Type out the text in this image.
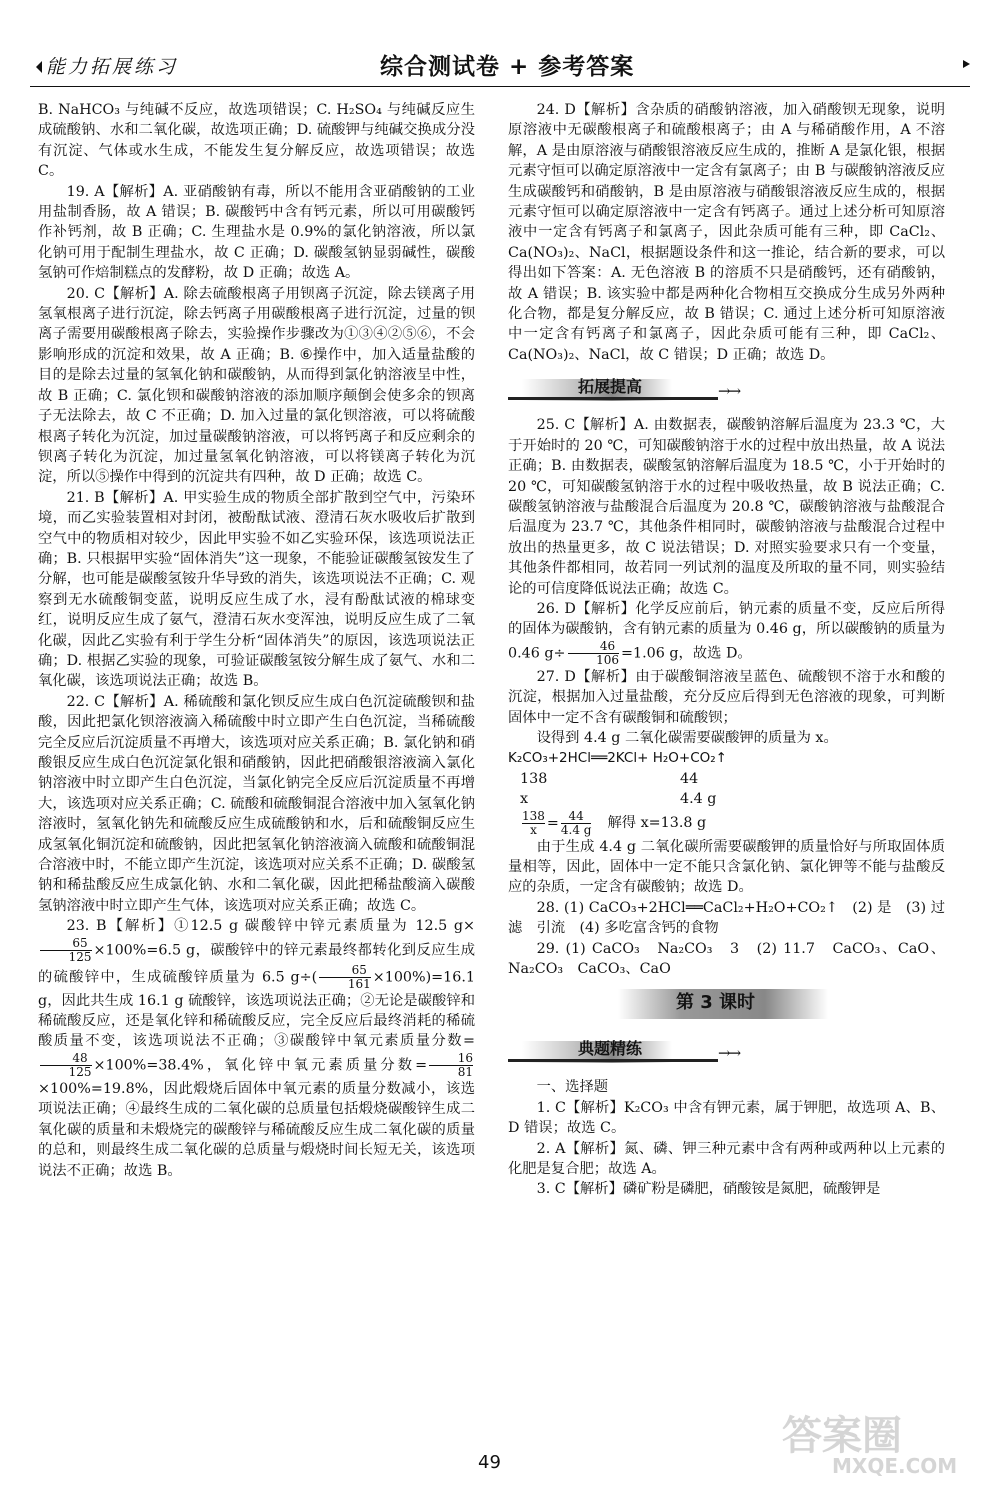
能力拓展练习	综合测试卷 + 参考答案

B. NaHCO₃ 与纯碱不反应，故选项错误；C. H₂SO₄ 与纯碱反应生成硫酸钠、水和二氧化碳，故选项正确；D. 硫酸钾与纯碱交换成分没有沉淀、气体或水生成，不能发生复分解反应，故选项错误；故选 C。

19. A【解析】A. 亚硝酸钠有毒，所以不能用含亚硝酸钠的工业用盐制香肠，故 A 错误；B. 碳酸钙中含有钙元素，所以可用碳酸钙作补钙剂，故 B 正确；C. 生理盐水是 0.9%的氯化钠溶液，所以氯化钠可用于配制生理盐水，故 C 正确；D. 碳酸氢钠显弱碱性，碳酸氢钠可作焙制糕点的发酵粉，故 D 正确；故选 A。

20. C【解析】A. 除去硫酸根离子用钡离子沉淀，除去镁离子用氢氧根离子进行沉淀，除去钙离子用碳酸根离子进行沉淀，过量的钡离子需要用碳酸根离子除去，实验操作步骤改为①③④②⑤⑥，不会影响形成的沉淀和效果，故 A 正确；B. ⑥操作中，加入适量盐酸的目的是除去过量的氢氧化钠和碳酸钠，从而得到氯化钠溶液呈中性，故 B 正确；C. 氯化钡和碳酸钠溶液的添加顺序颠倒会使多余的钡离子无法除去，故 C 不正确；D. 加入过量的氯化钡溶液，可以将硫酸根离子转化为沉淀，加过量碳酸钠溶液，可以将钙离子和反应剩余的钡离子转化为沉淀，加过量氢氧化钠溶液，可以将镁离子转化为沉淀，所以⑤操作中得到的沉淀共有四种，故 D 正确；故选 C。

21. B【解析】A. 甲实验生成的物质全部扩散到空气中，污染环境，而乙实验装置相对封闭，被酚酞试液、澄清石灰水吸收后扩散到空气中的物质相对较少，因此甲实验不如乙实验环保，该选项说法正确；B. 只根据甲实验“固体消失”这一现象，不能验证碳酸氢铵发生了分解，也可能是碳酸氢铵升华导致的消失，该选项说法不正确；C. 观察到无水硫酸铜变蓝，说明反应生成了水，浸有酚酞试液的棉球变红，说明反应生成了氨气，澄清石灰水变浑浊，说明反应生成了二氧化碳，因此乙实验有利于学生分析“固体消失”的原因，该选项说法正确；D. 根据乙实验的现象，可验证碳酸氢铵分解生成了氨气、水和二氧化碳，该选项说法正确；故选 B。

22. C【解析】A. 稀硫酸和氯化钡反应生成白色沉淀硫酸钡和盐酸，因此把氯化钡溶液滴入稀硫酸中时立即产生白色沉淀，当稀硫酸完全反应后沉淀质量不再增大，该选项对应关系正确；B. 氯化钠和硝酸银反应生成白色沉淀氯化银和硝酸钠，因此把硝酸银溶液滴入氯化钠溶液中时立即产生白色沉淀，当氯化钠完全反应后沉淀质量不再增大，该选项对应关系正确；C. 硫酸和硫酸铜混合溶液中加入氢氧化钠溶液时，氢氧化钠先和硫酸反应生成硫酸钠和水，后和硫酸铜反应生成氢氧化铜沉淀和硫酸钠，因此把氢氧化钠溶液滴入硫酸和硫酸铜混合溶液中时，不能立即产生沉淀，该选项对应关系不正确；D. 碳酸氢钠和稀盐酸反应生成氯化钠、水和二氧化碳，因此把稀盐酸滴入碳酸氢钠溶液中时立即产生气体，该选项对应关系正确；故选 C。

23. B【解析】①12.5 g 碳酸锌中锌元素质量为 12.5 g×
$\frac{65}{125} \times 100\%=6.5$ g，碳酸锌中的锌元素最终都转化到反应生成的硫酸锌中，生成硫酸锌质量为 6.5 $g\div( \frac{65}{161} \times 100\%)=16.1$ g，因此共生成 16.1 g 硫酸锌，该选项说法正确；②无论是碳酸锌和稀硫酸反应，还是氧化锌和稀硫酸反应，完全反应后最终消耗的稀硫酸质量不变，该选项说法不正确；③碳酸锌中氧元素质量分数=
$\frac{48}{125} \times 100\%=38.4\%$，氧化锌中氧元素质量分数= $\frac{16}{81}$
×100%=19.8%，因此煅烧后固体中氧元素的质量分数减小，该选项说法正确；④最终生成的二氧化碳的总质量包括煅烧碳酸锌生成二氧化碳的质量和未煅烧完的碳酸锌与稀硫酸反应生成二氧化碳的质量的总和，则最终生成二氧化碳的总质量与煅烧时间长短无关，该选项说法不正确；故选 B。

24. D【解析】含杂质的硝酸钠溶液，加入硝酸钡无现象，说明原溶液中无碳酸根离子和硫酸根离子；由 A 与稀硝酸作用，A 不溶解，A 是由原溶液与硝酸银溶液反应生成的，推断 A 是氯化银，根据元素守恒可以确定原溶液中一定含有氯离子；由 B 与碳酸钠溶液反应生成碳酸钙和硝酸钠，B 是由原溶液与硝酸银溶液反应生成的，根据元素守恒可以确定原溶液中一定含有钙离子。通过上述分析可知原溶液中一定含有钙离子和氯离子，因此杂质可能有三种，即 CaCl₂、Ca(NO₃)₂、NaCl，根据题设条件和这一推论，结合新的要求，可以得出如下答案：A. 无色溶液 B 的溶质不只是硝酸钙，还有硝酸钠，故 A 错误；B. 该实验中都是两种化合物相互交换成分生成另外两种化合物，都是复分解反应，故 B 错误；C. 通过上述分析可知原溶液中一定含有钙离子和氯离子，因此杂质可能有三种，即 CaCl₂、Ca(NO₃)₂、NaCl，故 C 错误；D 正确；故选 D。

拓展提高	→→

25. C【解析】A. 由数据表，碳酸钠溶解后温度为 23.3 ℃，大于开始时的 20 ℃，可知碳酸钠溶于水的过程中放出热量，故 A 说法正确；B. 由数据表，碳酸氢钠溶解后温度为 18.5 ℃，小于开始时的 20 ℃，可知碳酸氢钠溶于水的过程中吸收热量，故 B 说法正确；C. 碳酸氢钠溶液与盐酸混合后温度为 20.8 ℃，碳酸钠溶液与盐酸混合后温度为 23.7 ℃，其他条件相同时，碳酸钠溶液与盐酸混合过程中放出的热量更多，故 C 说法错误；D. 对照实验要求只有一个变量，其他条件都相同，故若同一列试剂的温度及所取的量不同，则实验结论的可信度降低说法正确；故选 C。

26. D【解析】化学反应前后，钠元素的质量不变，反应后所得的固体为碳酸钠，含有钠元素的质量为 0.46 g，所以碳酸钠的质量为 0.46 $g\div \frac{46}{106} =1.06$ g，故选 D。

27. D【解析】由于碳酸铜溶液呈蓝色、硫酸钡不溶于水和酸的沉淀，根据加入过量盐酸，充分反应后得到无色溶液的现象，可判断固体中一定不含有碳酸铜和硫酸钡；

设得到 4.4 g 二氧化碳需要碳酸钾的质量为 x。

K₂CO₃+2HCl══2KCl+ H₂O+CO₂↑

138	44

x	4.4 g

$\frac{138}{x} = \frac{44}{4.4 g}$ 解得 x=13.8 g

由于生成 4.4 g 二氧化碳所需要碳酸钾的质量恰好与所取固体质量相等，因此，固体中一定不能只含氯化钠、氯化钾等不能与盐酸反应的杂质，一定含有碳酸钠；故选 D。

28. (1) CaCO₃+2HCl══CaCl₂+H₂O+CO₂↑　(2) 是　(3) 过滤　引流　(4) 多吃富含钙的食物

29. (1) CaCO₃　Na₂CO₃　3　(2) 11.7　CaCO₃、CaO、Na₂CO₃　CaCO₃、CaO

第 3 课时
典题精练	→→

一、选择题

1. C【解析】K₂CO₃ 中含有钾元素，属于钾肥，故选项 A、B、D 错误；故选 C。

2. A【解析】氮、磷、钾三种元素中含有两种或两种以上元素的化肥是复合肥；故选 A。

3. C【解析】磷矿粉是磷肥，硝酸铵是氮肥，硫酸钾是

49
答案圈
MXQE.COM
